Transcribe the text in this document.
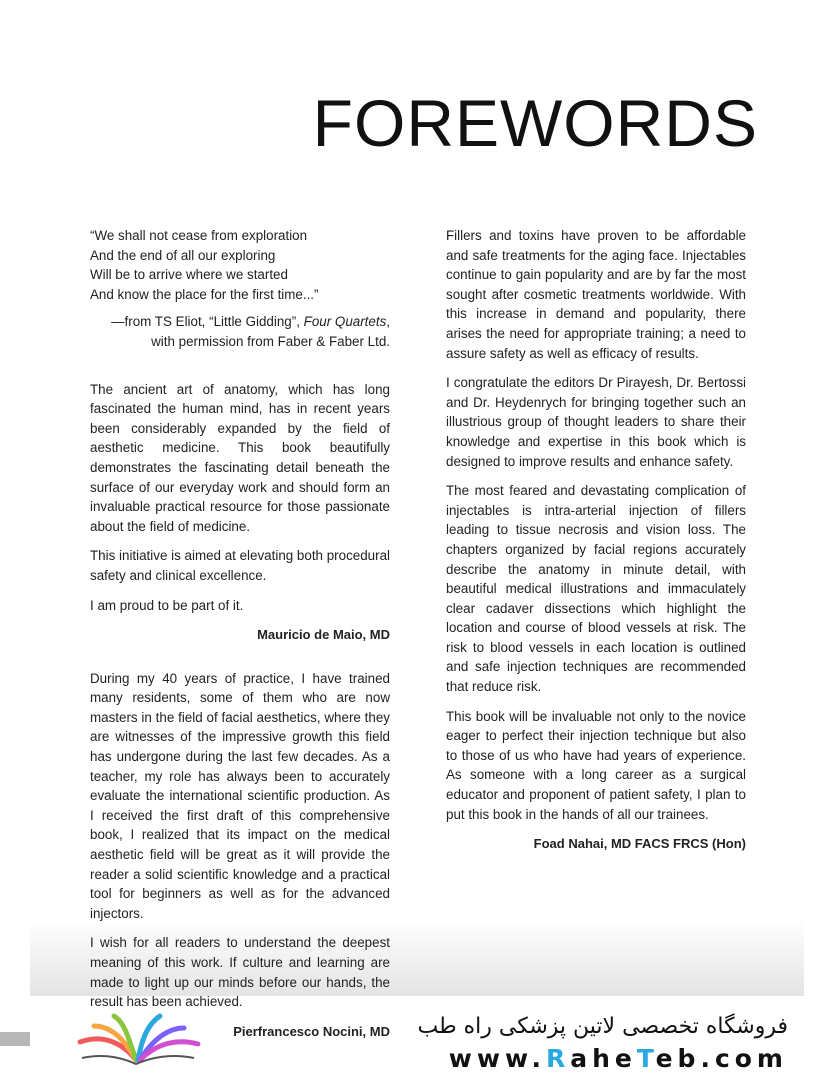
FOREWORDS
“We shall not cease from exploration
And the end of all our exploring
Will be to arrive where we started
And know the place for the first time...”
—from TS Eliot, “Little Gidding”, Four Quartets,
with permission from Faber & Faber Ltd.

The ancient art of anatomy, which has long fascinated the human mind, has in recent years been considerably expanded by the field of aesthetic medicine. This book beautifully demonstrates the fascinating detail beneath the surface of our everyday work and should form an invaluable practical resource for those passionate about the field of medicine.

This initiative is aimed at elevating both procedural safety and clinical excellence.

I am proud to be part of it.

Mauricio de Maio, MD

During my 40 years of practice, I have trained many residents, some of them who are now masters in the field of facial aesthetics, where they are witnesses of the impressive growth this field has undergone during the last few decades. As a teacher, my role has always been to accurately evaluate the international scientific production. As I received the first draft of this comprehensive book, I realized that its impact on the medical aesthetic field will be great as it will provide the reader a solid scientific knowledge and a practical tool for beginners as well as for the advanced injectors.

I wish for all readers to understand the deepest meaning of this work. If culture and learning are made to light up our minds before our hands, the result has been achieved.

Pierfrancesco Nocini, MD

Fillers and toxins have proven to be affordable and safe treatments for the aging face. Injectables continue to gain popularity and are by far the most sought after cosmetic treatments worldwide. With this increase in demand and popularity, there arises the need for appropriate training; a need to assure safety as well as efficacy of results.

I congratulate the editors Dr Pirayesh, Dr. Bertossi and Dr. Heydenrych for bringing together such an illustrious group of thought leaders to share their knowledge and expertise in this book which is designed to improve results and enhance safety.

The most feared and devastating complication of injectables is intra-arterial injection of fillers leading to tissue necrosis and vision loss. The chapters organized by facial regions accurately describe the anatomy in minute detail, with beautiful medical illustrations and immaculately clear cadaver dissections which highlight the location and course of blood vessels at risk. The risk to blood vessels in each location is outlined and safe injection techniques are recommended that reduce risk.

This book will be invaluable not only to the novice eager to perfect their injection technique but also to those of us who have had years of experience. As someone with a long career as a surgical educator and proponent of patient safety, I plan to put this book in the hands of all our trainees.

Foad Nahai, MD FACS FRCS (Hon)
فروشگاه تخصصی لاتین پزشکی راه طب
www.RaheTeb.com
